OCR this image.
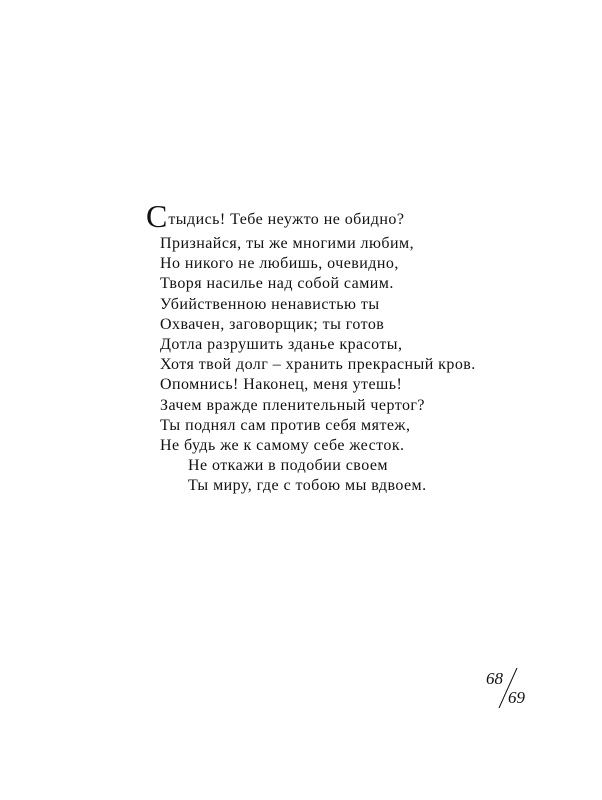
Стыдись! Тебе неужто не обидно?
Признайся, ты же многими любим,
Но никого не любишь, очевидно,
Творя насилье над собой самим.
Убийственною ненавистью ты
Охвачен, заговорщик; ты готов
Дотла разрушить зданье красоты,
Хотя твой долг – хранить прекрасный кров.
Опомнись! Наконец, меня утешь!
Зачем вражде пленительный чертог?
Ты поднял сам против себя мятеж,
Не будь же к самому себе жесток.
Не откажи в подобии своем
Ты миру, где с тобою мы вдвоем.
68
69
